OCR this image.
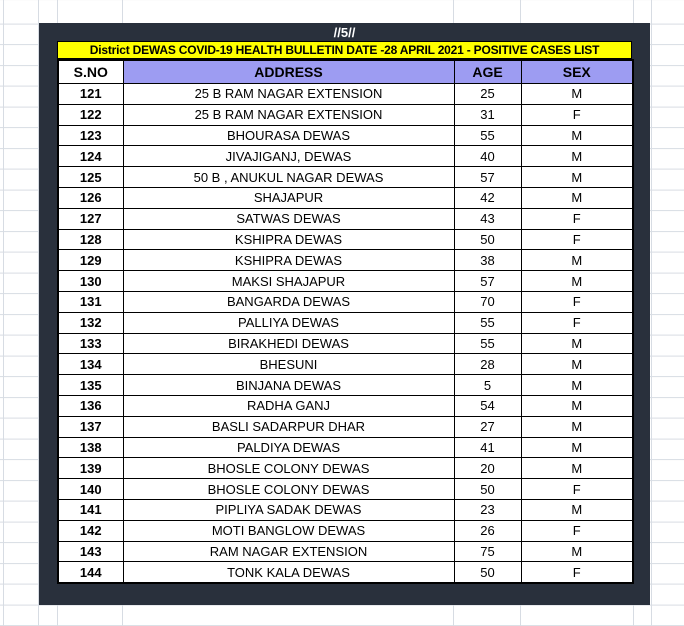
//5//
District DEWAS COVID-19 HEALTH BULLETIN DATE -28 APRIL 2021 - POSITIVE CASES LIST
S.NO	ADDRESS	AGE	SEX
121	25 B RAM NAGAR EXTENSION	25	M
122	25 B RAM NAGAR EXTENSION	31	F
123	BHOURASA DEWAS	55	M
124	JIVAJIGANJ, DEWAS	40	M
125	50 B , ANUKUL NAGAR DEWAS	57	M
126	SHAJAPUR	42	M
127	SATWAS DEWAS	43	F
128	KSHIPRA DEWAS	50	F
129	KSHIPRA DEWAS	38	M
130	MAKSI SHAJAPUR	57	M
131	BANGARDA DEWAS	70	F
132	PALLIYA DEWAS	55	F
133	BIRAKHEDI DEWAS	55	M
134	BHESUNI	28	M
135	BINJANA DEWAS	5	M
136	RADHA GANJ	54	M
137	BASLI SADARPUR DHAR	27	M
138	PALDIYA DEWAS	41	M
139	BHOSLE COLONY DEWAS	20	M
140	BHOSLE COLONY DEWAS	50	F
141	PIPLIYA SADAK DEWAS	23	M
142	MOTI BANGLOW DEWAS	26	F
143	RAM NAGAR EXTENSION	75	M
144	TONK KALA DEWAS	50	F
